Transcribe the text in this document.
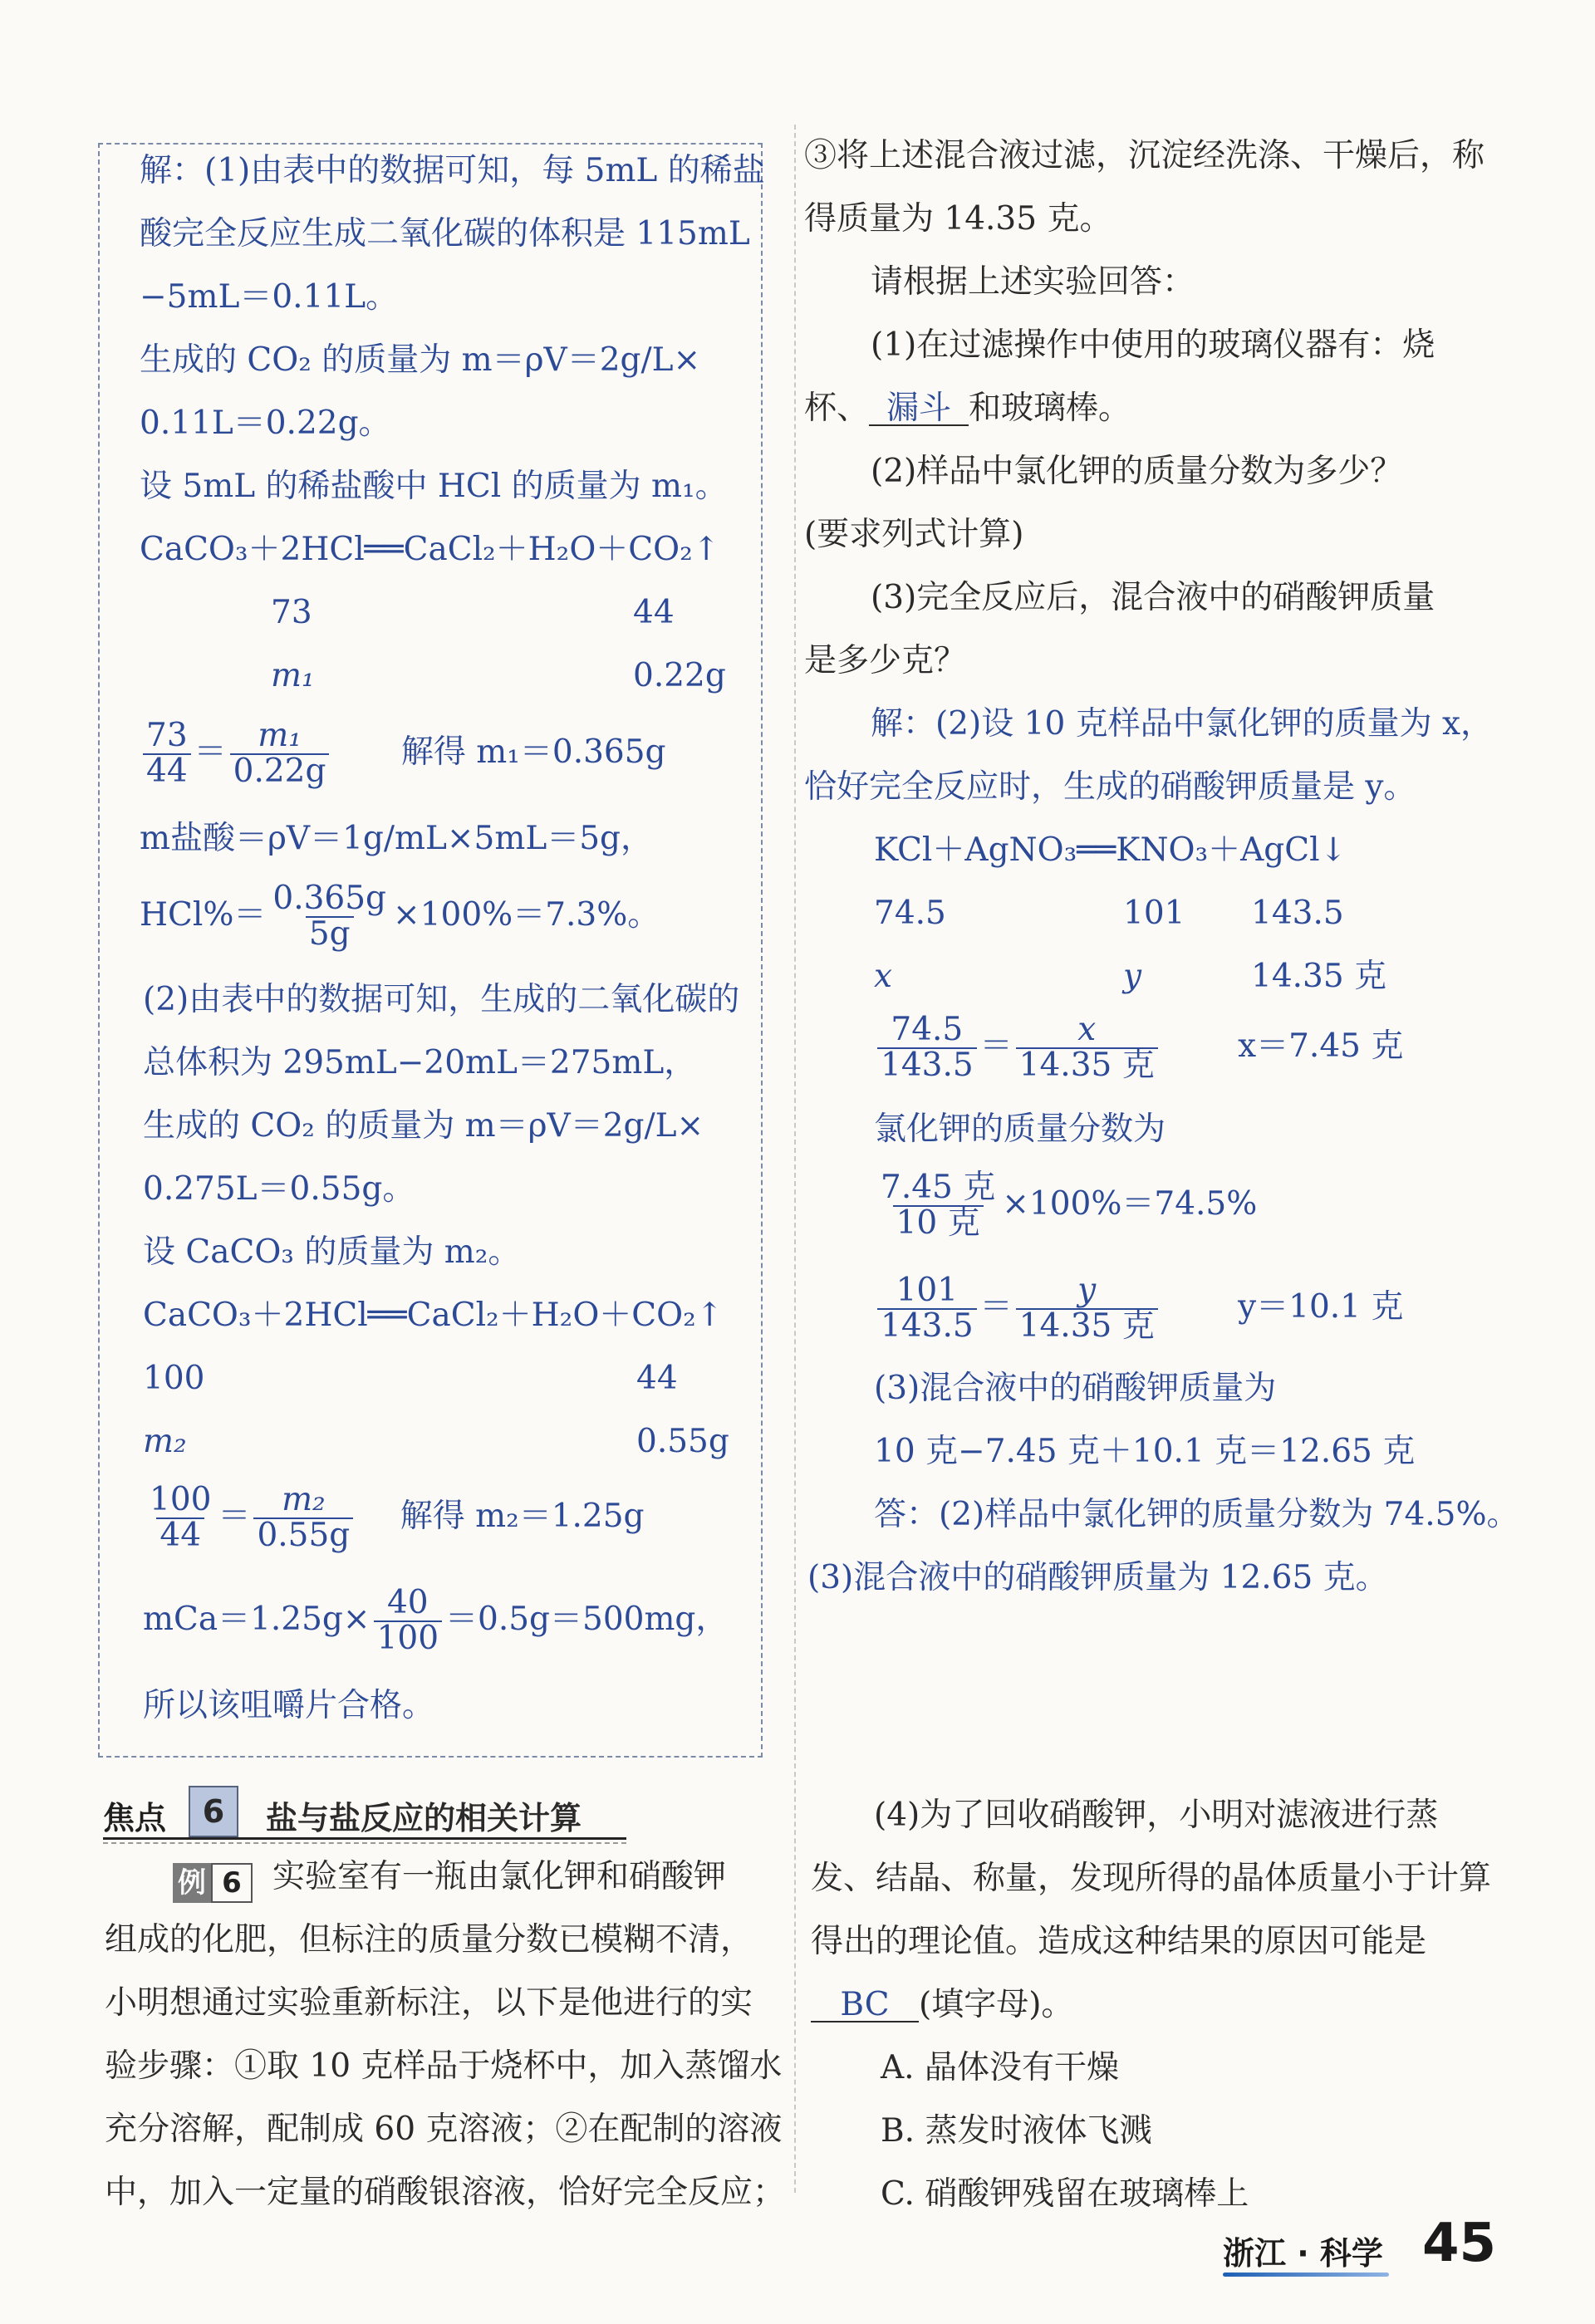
解：(1)由表中的数据可知，每 5mL 的稀盐
酸完全反应生成二氧化碳的体积是 115mL
−5mL＝0.11L。
生成的 CO₂ 的质量为 m＝ρV＝2g/L×
0.11L＝0.22g。
设 5mL 的稀盐酸中 HCl 的质量为 m₁。
CaCO₃＋2HCl══CaCl₂＋H₂O＋CO₂↑
73	44
m₁	0.22g
$\frac{73}{44} = \frac{\text{m₁}}{0.22g}$ 解得 m₁＝0.365g
m盐酸＝ρV＝1g/mL×5mL＝5g，
$HCl\%= \frac{0.365g}{5g} \times 100\%=7.3\%$。
(2)由表中的数据可知，生成的二氧化碳的
总体积为 295mL−20mL＝275mL，
生成的 CO₂ 的质量为 m＝ρV＝2g/L×
0.275L＝0.55g。
设 CaCO₃ 的质量为 m₂。
CaCO₃＋2HCl══CaCl₂＋H₂O＋CO₂↑
100	44
m₂	0.55g
$\frac{100}{44} = \frac{\text{m₂}}{0.55g}$ 解得 m₂＝1.25g
$mCa=1.25g\times \frac{40}{100} =0.5g=500mg$，
所以该咀嚼片合格。
焦点	6	盐与盐反应的相关计算
例 6 实验室有一瓶由氯化钾和硝酸钾
组成的化肥，但标注的质量分数已模糊不清，
小明想通过实验重新标注，以下是他进行的实
验步骤：①取 10 克样品于烧杯中，加入蒸馏水
充分溶解，配制成 60 克溶液；②在配制的溶液
中，加入一定量的硝酸银溶液，恰好完全反应；
③将上述混合液过滤，沉淀经洗涤、干燥后，称
得质量为 14.35 克。
请根据上述实验回答：
(1)在过滤操作中使用的玻璃仪器有：烧
杯、 漏斗 和玻璃棒。
(2)样品中氯化钾的质量分数为多少？
(要求列式计算)
(3)完全反应后，混合液中的硝酸钾质量
是多少克？
解：(2)设 10 克样品中氯化钾的质量为 x，
恰好完全反应时，生成的硝酸钾质量是 y。
KCl＋AgNO₃══KNO₃＋AgCl↓
74.5	101 143.5
x	y	14.35 克
$\frac{74.5}{143.5} = \frac{x}{\text{14.35 克}} x=7.45$ 克
氯化钾的质量分数为
$\frac{\text{7.45 克}}{\text{10 克}} \times 100\%=74.5\%$
$\frac{101}{143.5} = \frac{y}{\text{14.35 克}} y=10.1$ 克
(3)混合液中的硝酸钾质量为
10 克−7.45 克＋10.1 克＝12.65 克
答：(2)样品中氯化钾的质量分数为 74.5%。
(3)混合液中的硝酸钾质量为 12.65 克。
(4)为了回收硝酸钾，小明对滤液进行蒸
发、结晶、称量，发现所得的晶体质量小于计算
得出的理论值。造成这种结果的原因可能是
BC (填字母)。
A. 晶体没有干燥
B. 蒸发时液体飞溅
C. 硝酸钾残留在玻璃棒上
浙江 · 科学 45
